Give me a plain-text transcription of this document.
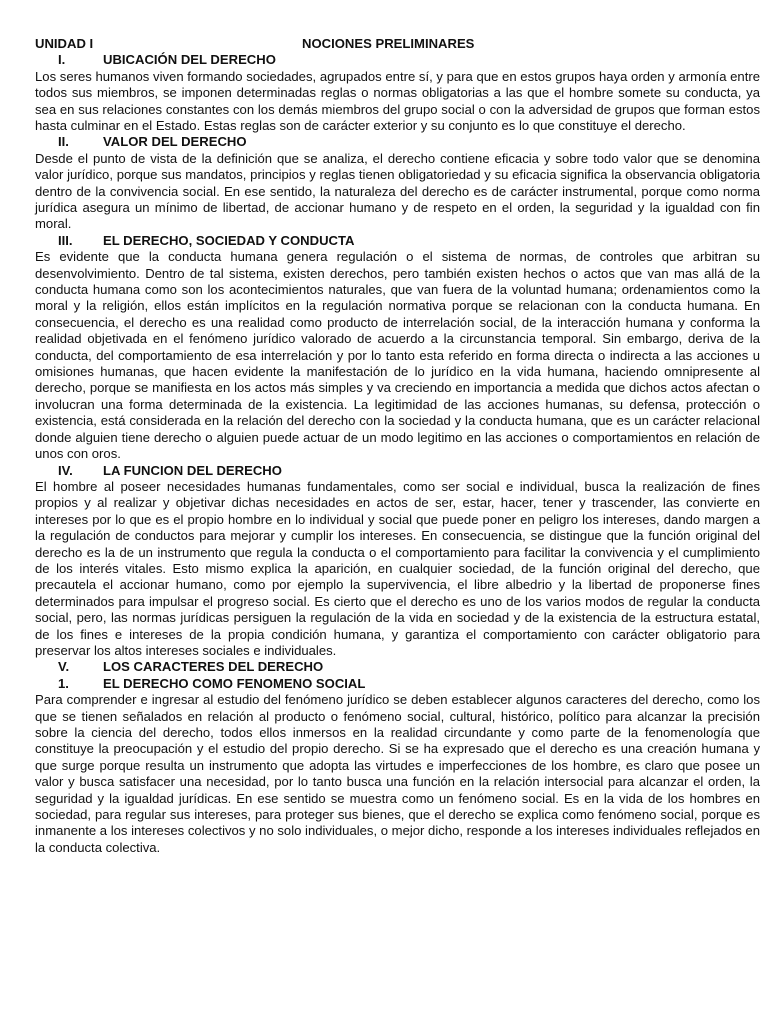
UNIDAD I	NOCIONES PRELIMINARES
I.	UBICACIÓN DEL DERECHO

Los seres humanos viven formando sociedades, agrupados entre sí, y para que en estos grupos haya orden y armonía entre todos sus miembros, se imponen determinadas reglas o normas obligatorias a las que el hombre somete su conducta, ya sea en sus relaciones constantes con los demás miembros del grupo social o con la adversidad de grupos que forman estos hasta culminar en el Estado. Estas reglas son de carácter exterior y su conjunto es lo que constituye el derecho.

II.	VALOR DEL DERECHO

Desde el punto de vista de la definición que se analiza, el derecho contiene eficacia y sobre todo valor que se denomina valor jurídico, porque sus mandatos, principios y reglas tienen obligatoriedad y su eficacia significa la observancia obligatoria dentro de la convivencia social. En ese sentido, la naturaleza del derecho es de carácter instrumental, porque como norma jurídica asegura un mínimo de libertad, de accionar humano y de respeto en el orden, la seguridad y la igualdad con fin moral.

III. EL DERECHO, SOCIEDAD Y CONDUCTA

Es evidente que la conducta humana genera regulación o el sistema de normas, de controles que arbitran su desenvolvimiento. Dentro de tal sistema, existen derechos, pero también existen hechos o actos que van mas allá de la conducta humana como son los acontecimientos naturales, que van fuera de la voluntad humana; ordenamientos como la moral y la religión, ellos están implícitos en la regulación normativa porque se relacionan con la conducta humana. En consecuencia, el derecho es una realidad como producto de interrelación social, de la interacción humana y conforma la realidad objetivada en el fenómeno jurídico valorado de acuerdo a la circunstancia temporal. Sin embargo, deriva de la conducta, del comportamiento de esa interrelación y por lo tanto esta referido en forma directa o indirecta a las acciones u omisiones humanas, que hacen evidente la manifestación de lo jurídico en la vida humana, haciendo omnipresente al derecho, porque se manifiesta en los actos más simples y va creciendo en importancia a medida que dichos actos afectan o involucran una forma determinada de la existencia. La legitimidad de las acciones humanas, su defensa, protección o existencia, está considerada en la relación del derecho con la sociedad y la conducta humana, que es un carácter relacional donde alguien tiene derecho o alguien puede actuar de un modo legitimo en las acciones o comportamientos en relación de unos con oros.

IV. LA FUNCION DEL DERECHO

El hombre al poseer necesidades humanas fundamentales, como ser social e individual, busca la realización de fines propios y al realizar y objetivar dichas necesidades en actos de ser, estar, hacer, tener y trascender, las convierte en intereses por lo que es el propio hombre en lo individual y social que puede poner en peligro los intereses, dando margen a la regulación de conductos para mejorar y cumplir los intereses. En consecuencia, se distingue que la función original del derecho es la de un instrumento que regula la conducta o el comportamiento para facilitar la convivencia y el cumplimiento de los interés vitales. Esto mismo explica la aparición, en cualquier sociedad, de la función original del derecho, que precautela el accionar humano, como por ejemplo la supervivencia, el libre albedrio y la libertad de proponerse fines determinados para impulsar el progreso social. Es cierto que el derecho es uno de los varios modos de regular la conducta social, pero, las normas jurídicas persiguen la regulación de la vida en sociedad y de la existencia de la estructura estatal, de los fines e intereses de la propia condición humana, y garantiza el comportamiento con carácter obligatorio para preservar los altos intereses sociales e individuales.

V.	LOS CARACTERES DEL DERECHO
1.	EL DERECHO COMO FENOMENO SOCIAL

Para comprender e ingresar al estudio del fenómeno jurídico se deben establecer algunos caracteres del derecho, como los que se tienen señalados en relación al producto o fenómeno social, cultural, histórico, político para alcanzar la precisión sobre la ciencia del derecho, todos ellos inmersos en la realidad circundante y como parte de la fenomenología que constituye la preocupación y el estudio del propio derecho. Si se ha expresado que el derecho es una creación humana y que surge porque resulta un instrumento que adopta las virtudes e imperfecciones de los hombre, es claro que posee un valor y busca satisfacer una necesidad, por lo tanto busca una función en la relación intersocial para alcanzar el orden, la seguridad y la igualdad jurídicas. En ese sentido se muestra como un fenómeno social. Es en la vida de los hombres en sociedad, para regular sus intereses, para proteger sus bienes, que el derecho se explica como fenómeno social, porque es inmanente a los intereses colectivos y no solo individuales, o mejor dicho, responde a los intereses individuales reflejados en la conducta colectiva.
